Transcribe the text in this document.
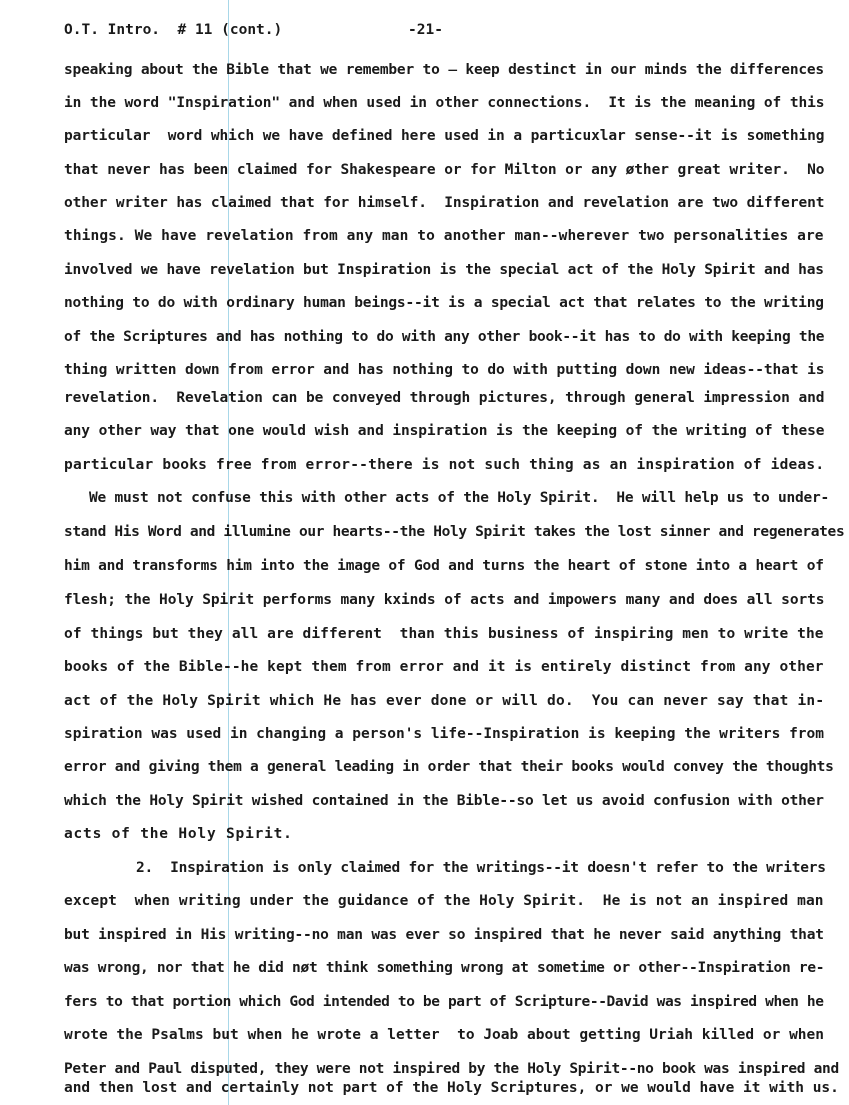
O.T. Intro.  # 11 (cont.)	-21-
speaking about the Bible that we remember to ̶ keep destinct in our minds the differences
in the word "Inspiration" and when used in other connections.  It is the meaning of this
particular  word which we have defined here used in a particuxlar sense--it is something
that never has been claimed for Shakespeare or for Milton or any øther great writer.  No
other writer has claimed that for himself.  Inspiration and revelation are two different
things. We have revelation from any man to another man--wherever two personalities are
involved we have revelation but Inspiration is the special act of the Holy Spirit and has
nothing to do with ordinary human beings--it is a special act that relates to the writing
of the Scriptures and has nothing to do with any other book--it has to do with keeping the
thing written down from error and has nothing to do with putting down new ideas--that is
revelation.  Revelation can be conveyed through pictures, through general impression and
any other way that one would wish and inspiration is the keeping of the writing of these
particular books free from error--there is not such thing as an inspiration of ideas.
We must not confuse this with other acts of the Holy Spirit.  He will help us to under-
stand His Word and illumine our hearts--the Holy Spirit takes the lost sinner and regenerates
him and transforms him into the image of God and turns the heart of stone into a heart of
flesh; the Holy Spirit performs many kxinds of acts and impowers many and does all sorts
of things but they all are different  than this business of inspiring men to write the
books of the Bible--he kept them from error and it is entirely distinct from any other
act of the Holy Spirit which He has ever done or will do.  You can never say that in-
spiration was used in changing a person's life--Inspiration is keeping the writers from
error and giving them a general leading in order that their books would convey the thoughts
which the Holy Spirit wished contained in the Bible--so let us avoid confusion with other
acts of the Holy Spirit.
2.  Inspiration is only claimed for the writings--it doesn't refer to the writers
except  when writing under the guidance of the Holy Spirit.  He is not an inspired man
but inspired in His writing--no man was ever so inspired that he never said anything that
was wrong, nor that he did nøt think something wrong at sometime or other--Inspiration re-
fers to that portion which God intended to be part of Scripture--David was inspired when he
wrote the Psalms but when he wrote a letter  to Joab about getting Uriah killed or when
Peter and Paul disputed, they were not inspired by the Holy Spirit--no book was inspired and
and then lost and certainly not part of the Holy Scriptures, or we would have it with us.
